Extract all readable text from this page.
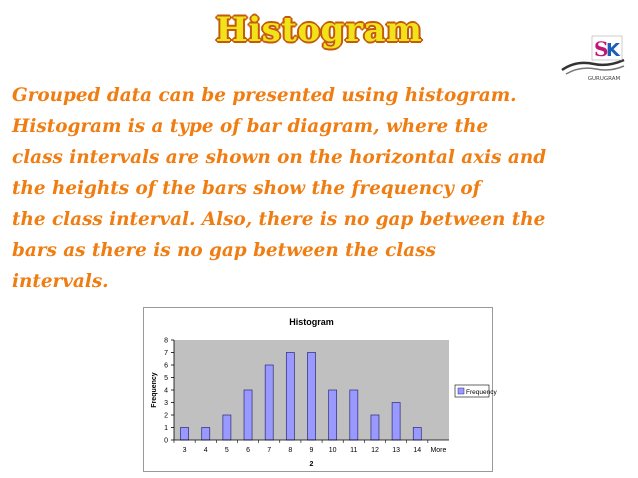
Histogram	S
K
GURUGRAM

Grouped data can be presented using histogram.
Histogram is a type of bar diagram, where the
class intervals are shown on the horizontal axis and
the heights of the bars show the frequency of
the class interval. Also, there is no gap between the
bars as there is no gap between the class
intervals.

Histogram
0
1
2
3
4
5
6
7
8
3 4 5 6 7 8 9 10 11 12 13 14 More
2
Frequency	Frequency
